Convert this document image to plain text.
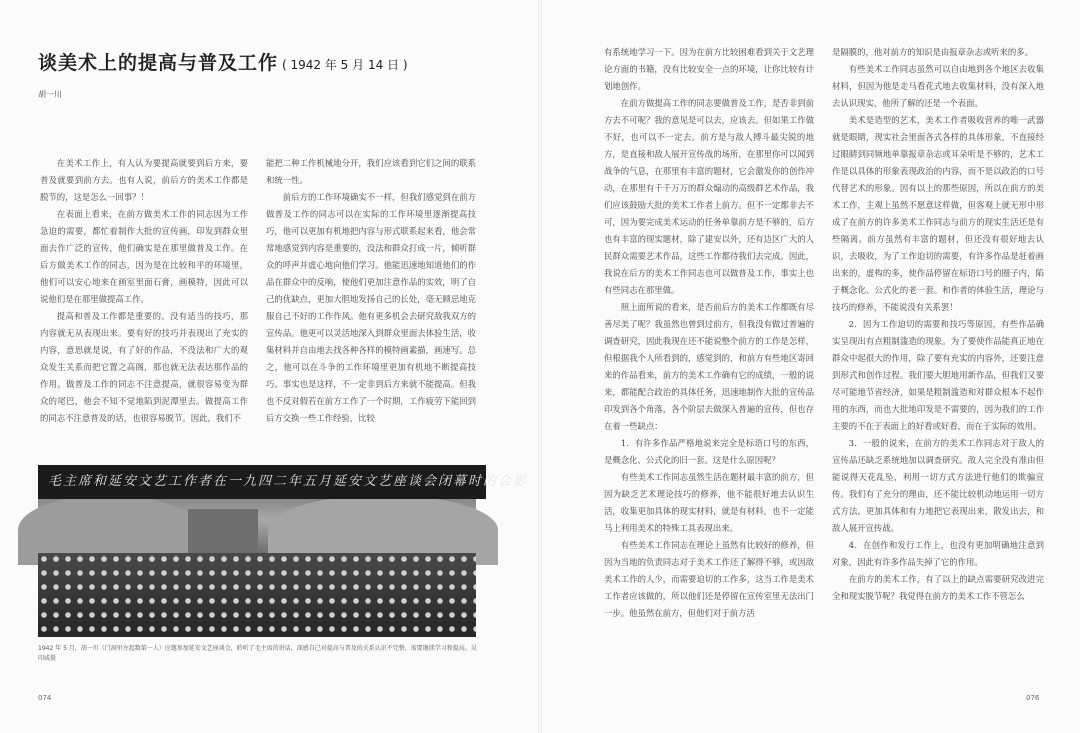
谈美术上的提高与普及工作 ( 1942 年 5 月 14 日 )
胡一川

在美术工作上，有人认为要提高就要到后方来，要普及就要到前方去。也有人说，前后方的美术工作都是脱节的，这是怎么一回事？！

在表面上看来，在前方做美术工作的同志因为工作急迫的需要，都忙着制作大批的宣传画，印发到群众里面去作广泛的宣传，他们确实是在那里做普及工作。在后方做美术工作的同志，因为是在比较和平的环境里，他们可以安心地来在画室里面石膏，画模特，因此可以说他们是在那里做提高工作。

提高和普及工作都是重要的。没有适当的技巧，那内容就无从表现出来。要有好的技巧并表现出了充实的内容，意思就是说，有了好的作品，不没法和广大的观众发生关系而把它置之高阁，那也就无法表达那作品的作用。做普及工作的同志不注意提高，就很容易变为群众的尾巴，他会不知不觉地陷到泥潭里去。做提高工作的同志不注意普及的话，也很容易脱节。因此，我们不

能把二种工作机械地分开，我们应该看到它们之间的联系和统一性。

前后方的工作环境确实不一样，但我们感觉到在前方做普及工作的同志可以在实际的工作环境里逐渐提高技巧，他可以更加有机地把内容与形式联系起来看，他会常常地感觉到内容是重要的，没法和群众打成一片，倾听群众的呼声并虚心地向他们学习。他能迅速地知道他们的作品在群众中的反响，使他们更加注意作品的实效，明了自己的优缺点，更加大胆地发扬自己的长处，毫无顾忌地克服自己不好的工作作风。他有更多机会去研究敌我双方的宣传品。他更可以灵活地深入到群众里面去体验生活，收集材料并自由地去找各种各样的模特画素描，画速写。总之，他可以在斗争的工作环境里更加有机地不断提高技巧。事实也是这样，不一定非到后方来就不能提高。但我也不反对假若在前方工作了一个时期，工作疲劳下能回到后方交换一些工作经验，比较

毛主席和延安文艺工作者在一九四二年五月延安文艺座谈会闭幕时的合影
1942 年 5 月，胡一川（门洞里左起数第一人）应邀参加延安文艺座谈会，聆听了毛主席的讲话，深感自己对提高与普及的关系认识不完整，需要继续学习和提高。吴印咸摄
074

有系统地学习一下。因为在前方比较困难看到关于文艺理论方面的书籍，没有比较安全一点的环境，让你比较有计划地创作。

在前方做提高工作的同志要做普及工作，是否非到前方去不可呢？我的意见是可以去，应该去。但如果工作做不好，也可以不一定去。前方是与敌人搏斗最尖锐的地方，是直接和敌人展开宣传战的场所，在那里你可以闻到战争的气息，在那里有丰富的题材，它会激发你的创作冲动，在那里有千千万万的群众煽动的高级群艺术作品，我们应该鼓励大批的美术工作者上前方。但不一定都非去不可，因为要完成美术运动的任务单靠前方是不够的，后方也有丰富的现实题材，除了建安以外，还有边区广大的人民群众需要艺术作品，这些工作都待我们去完成。因此，我说在后方的美术工作同志也可以做普及工作，事实上也有些同志在那里做。

照上面所说的看来，是否前后方的美术工作都既有尽善尽美了呢？我虽然也曾到过前方，但我没有做过普遍的调查研究，因此我现在还不能说整个前方的工作是怎样，但根据我个人所看到的，感觉到的，和前方有些地区寄回来的作品看来，前方的美术工作确有它的成绩，一般的说来，都能配合政治的具体任务，迅速地制作大批的宣传品印发到各个角落，各个阶层去做深入普遍的宣传，但也存在着一些缺点：

1．有许多作品严格地说来完全是标语口号的东西，是概念化、公式化的旧一套。这是什么原因呢？

有些美术工作同志虽然生活在题材最丰富的前方，但因为缺乏艺术理论技巧的修养，他不能很好地去认识生活，收集更加具体的现实材料，就是有材料，也不一定能马上利用美术的特殊工具表现出来。

有些美术工作同志在理论上虽然有比较好的修养，但因为当地的负责同志对于美术工作还了解得不够，或因敌美术工作的人少，而需要迫切的工作多，这当工作是美术工作者应该做的，所以他们还是停留在宣传室里无法出门一步。他虽然在前方，但他们对于前方活

是隔膜的，他对前方的知识是由报章杂志或听来的多。

有些美术工作同志虽然可以自由地到各个地区去收集材料，但因为他是走马看花式地去收集材料，没有深入地去认识现实，他所了解的还是一个表面。

美术是造型的艺术，美术工作者吸收营养的唯一武器就是眼睛，现实社会里面各式各样的具体形象，不直接经过眼睛到同频地单靠报章杂志或耳朵听是不够的，艺术工作是以具体的形象表现政治的内容，而不是以政治的口号代替艺术的形象。因有以上的那些原因，所以在前方的美术工作，主观上虽然不愿意这样做，但客观上就无形中形成了在前方的许多美术工作同志与前方的现实生活还是有些隔离。前方虽然有丰富的题材，但还没有很好地去认识，去吸收，为了工作迫切的需要，有许多作品是赶着画出来的，虚构的多，使作品停留在标语口号的圈子内，陷于概念化、公式化的老一套。和作者的体验生活，理论与技巧的修养，不能说没有关系罢！

2．因为工作迫切的需要和技巧等原因，有些作品确实呈现出有点粗制滥造的现象。为了要使作品能真正地在群众中起很大的作用，除了要有充实的内容外，还要注意到形式和创作过程。我们要大胆地用新作品，但我们又要尽可能地节省经济，如果是粗制滥造和对群众根本不起作用的东西，而也大批地印发是不需要的，因为我们的工作主要的不在于表面上的好看或好看，而在于实际的效用。

3．一般的说来，在前方的美术工作同志对于敌人的宣传品还缺乏系统地加以调查研究。敌人完全没有准由但能说得天花乱坠，利用一切方式方法进行他们的欺骗宣传。我们有了充分的理由，还不能比较机动地运用一切方式方法，更加具体和有力地把它表现出来，散发出去，和敌人展开宣传战。

4．在创作和发行工作上，也没有更加明确地注意到对象，因此有许多作品失掉了它的作用。

在前方的美术工作，有了以上的缺点需要研究改进完全和现实脱节呢？我觉得在前方的美术工作不管怎么

076
